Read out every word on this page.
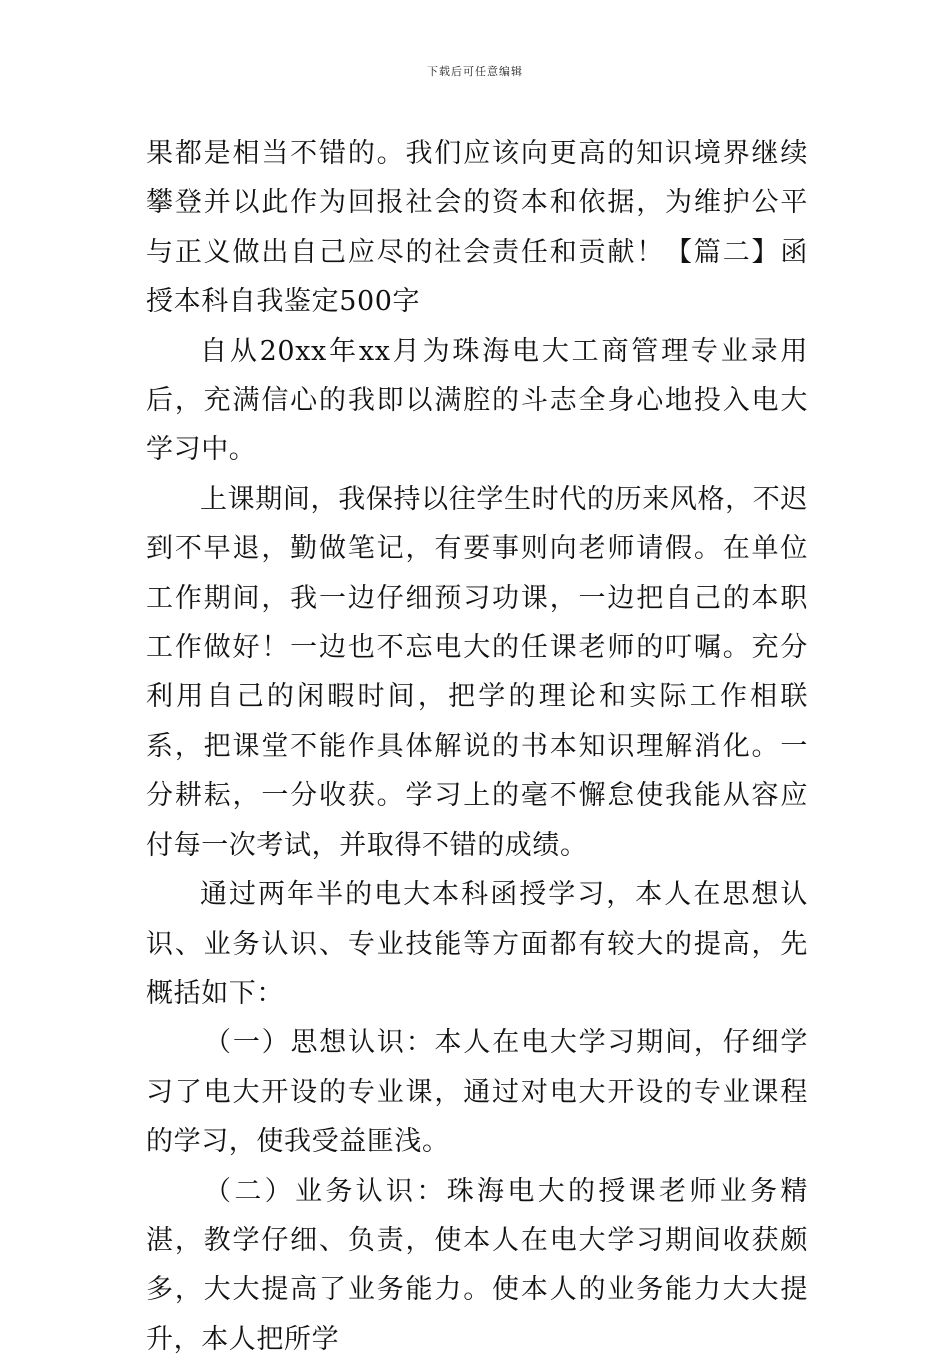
下载后可任意编辑

果都是相当不错的。我们应该向更高的知识境界继续攀登并以此作为回报社会的资本和依据，为维护公平与正义做出自己应尽的社会责任和贡献！【篇二】函授本科自我鉴定500字

自从20xx年xx月为珠海电大工商管理专业录用后，充满信心的我即以满腔的斗志全身心地投入电大学习中。

上课期间，我保持以往学生时代的历来风格，不迟到不早退，勤做笔记，有要事则向老师请假。在单位工作期间，我一边仔细预习功课，一边把自己的本职工作做好！一边也不忘电大的任课老师的叮嘱。充分利用自己的闲暇时间，把学的理论和实际工作相联系，把课堂不能作具体解说的书本知识理解消化。一分耕耘，一分收获。学习上的毫不懈怠使我能从容应付每一次考试，并取得不错的成绩。

通过两年半的电大本科函授学习，本人在思想认识、业务认识、专业技能等方面都有较大的提高，先概括如下：

（一）思想认识：本人在电大学习期间，仔细学习了电大开设的专业课，通过对电大开设的专业课程的学习，使我受益匪浅。

（二）业务认识：珠海电大的授课老师业务精湛，教学仔细、负责，使本人在电大学习期间收获颇多，大大提高了业务能力。使本人的业务能力大大提升，本人把所学
